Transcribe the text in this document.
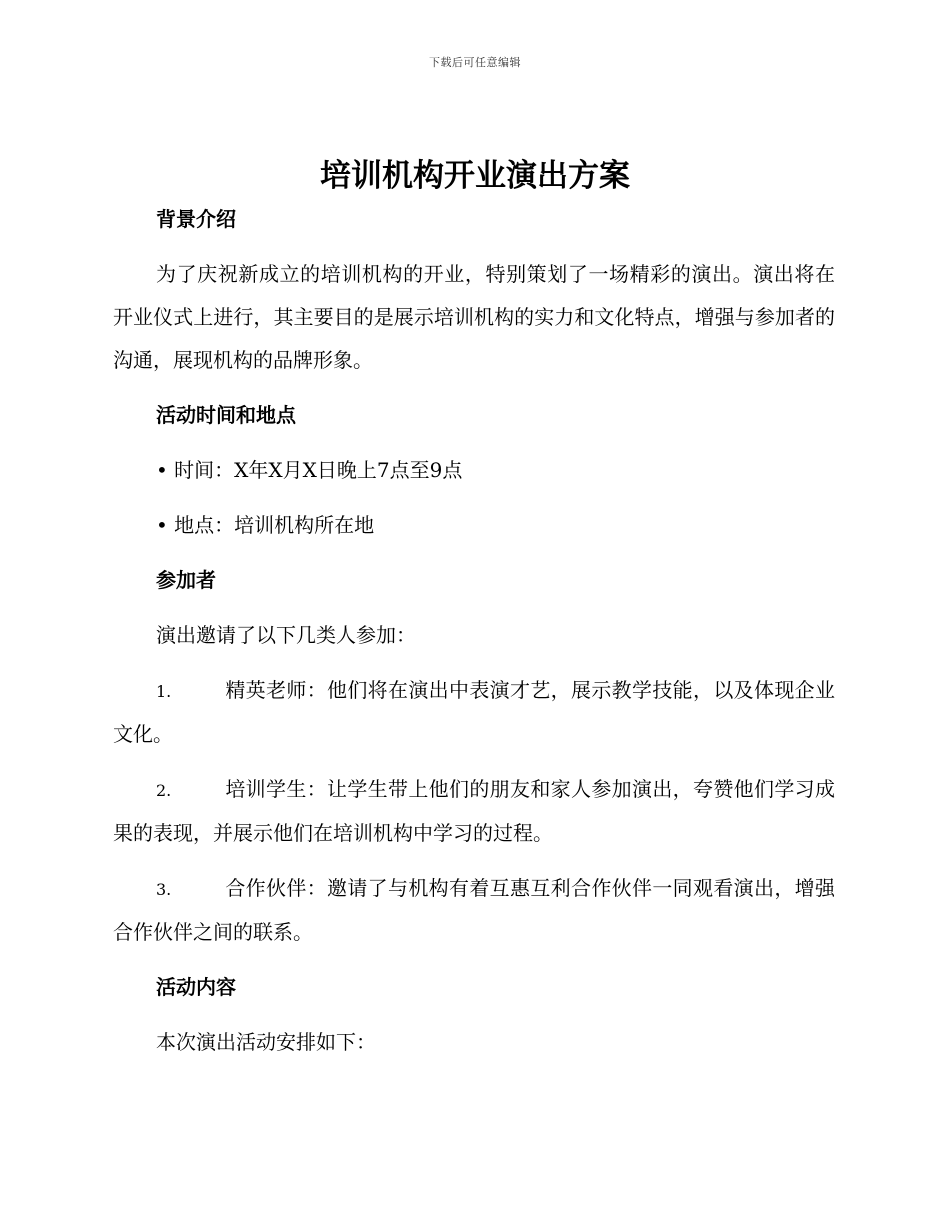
下载后可任意编辑
培训机构开业演出方案
背景介绍
为了庆祝新成立的培训机构的开业，特别策划了一场精彩的演出。演出将在开业仪式上进行，其主要目的是展示培训机构的实力和文化特点，增强与参加者的沟通，展现机构的品牌形象。
活动时间和地点
• 时间：X年X月X日晚上7点至9点
• 地点：培训机构所在地
参加者
演出邀请了以下几类人参加：
1.	精英老师：他们将在演出中表演才艺，展示教学技能，以及体现企业文化。
2.	培训学生：让学生带上他们的朋友和家人参加演出，夸赞他们学习成果的表现，并展示他们在培训机构中学习的过程。
3.	合作伙伴：邀请了与机构有着互惠互利合作伙伴一同观看演出，增强合作伙伴之间的联系。
活动内容
本次演出活动安排如下：
